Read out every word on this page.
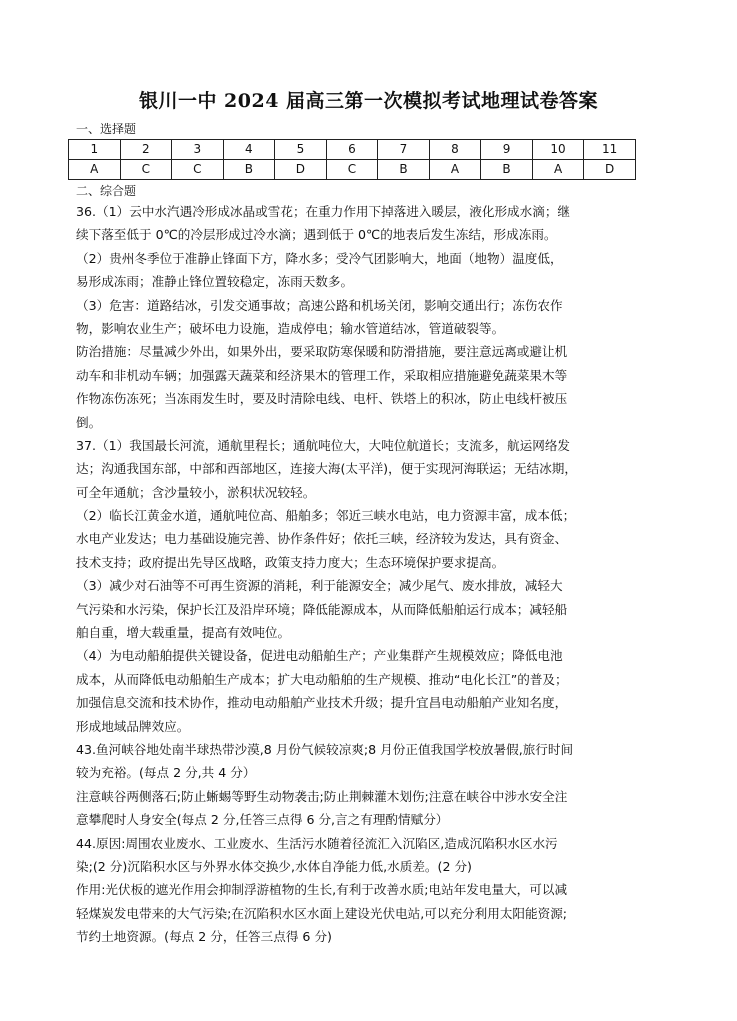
银川一中 2024 届高三第一次模拟考试地理试卷答案
一、选择题
1	2	3	4	5	6	7	8	9	10	11
A	C	C	B	D	C	B	A	B	A	D
二、综合题
36.（1）云中水汽遇冷形成冰晶或雪花；在重力作用下掉落进入暖层，液化形成水滴；继
续下落至低于 0℃的冷层形成过冷水滴；遇到低于 0℃的地表后发生冻结，形成冻雨。
（2）贵州冬季位于准静止锋面下方，降水多；受冷气团影响大，地面（地物）温度低，
易形成冻雨；准静止锋位置较稳定，冻雨天数多。
（3）危害：道路结冰，引发交通事故；高速公路和机场关闭，影响交通出行；冻伤农作
物，影响农业生产；破坏电力设施，造成停电；输水管道结冰，管道破裂等。
防治措施：尽量减少外出，如果外出，要采取防寒保暖和防滑措施，要注意远离或避让机
动车和非机动车辆；加强露天蔬菜和经济果木的管理工作，采取相应措施避免蔬菜果木等
作物冻伤冻死；当冻雨发生时，要及时清除电线、电杆、铁塔上的积冰，防止电线杆被压
倒。
37.（1）我国最长河流，通航里程长；通航吨位大，大吨位航道长；支流多，航运网络发
达；沟通我国东部，中部和西部地区，连接大海(太平洋)，便于实现河海联运；无结冰期，
可全年通航；含沙量较小，淤积状况较轻。
（2）临长江黄金水道，通航吨位高、船舶多；邻近三峡水电站，电力资源丰富，成本低；
水电产业发达；电力基础设施完善、协作条件好；依托三峡，经济较为发达，具有资金、
技术支持；政府提出先导区战略，政策支持力度大；生态环境保护要求提高。
（3）减少对石油等不可再生资源的消耗，利于能源安全；减少尾气、废水排放，减轻大
气污染和水污染，保护长江及沿岸环境；降低能源成本，从而降低船舶运行成本；减轻船
舶自重，增大载重量，提高有效吨位。
（4）为电动船舶提供关键设备，促进电动船舶生产；产业集群产生规模效应；降低电池
成本，从而降低电动船舶生产成本；扩大电动船舶的生产规模、推动“电化长江”的普及；
加强信息交流和技术协作，推动电动船舶产业技术升级；提升宜昌电动船舶产业知名度，
形成地域品牌效应。
43.鱼河峡谷地处南半球热带沙漠,8 月份气候较凉爽;8 月份正值我国学校放暑假,旅行时间
较为充裕。(每点 2 分,共 4 分）
注意峡谷两侧落石;防止蜥蜴等野生动物袭击;防止荆棘灌木划伤;注意在峡谷中涉水安全注
意攀爬时人身安全(每点 2 分,任答三点得 6 分,言之有理酌情赋分）
44.原因:周围农业废水、工业废水、生活污水随着径流汇入沉陷区,造成沉陷积水区水污
染;(2 分)沉陷积水区与外界水体交换少,水体自净能力低,水质差。(2 分)
作用:光伏板的遮光作用会抑制浮游植物的生长,有利于改善水质;电站年发电量大，可以减
轻煤炭发电带来的大气污染;在沉陷积水区水面上建设光伏电站,可以充分利用太阳能资源;
节约土地资源。(每点 2 分，任答三点得 6 分)
